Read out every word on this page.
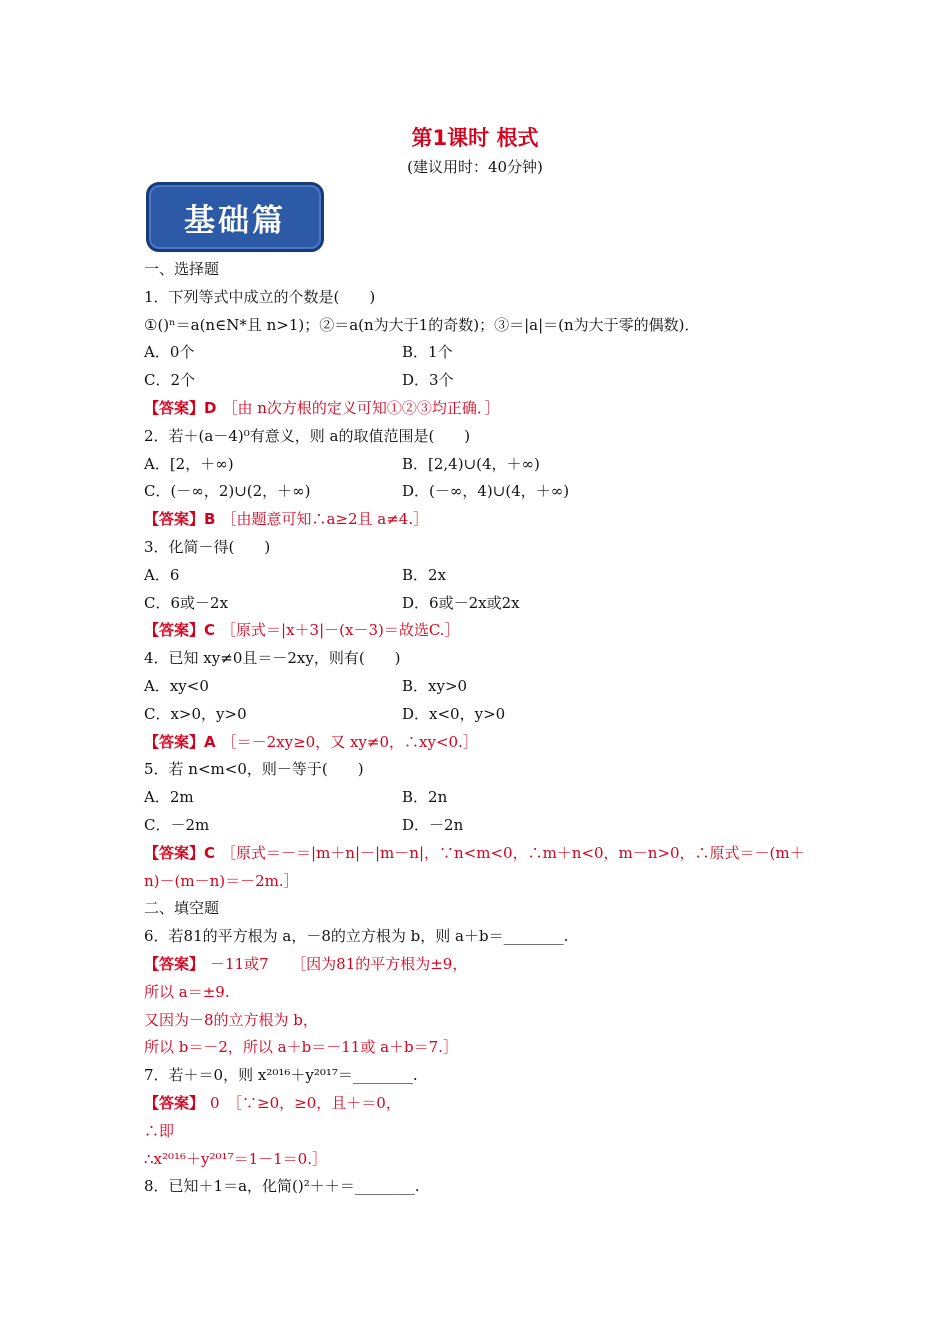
第1课时 根式
(建议用时：40分钟)
基础篇
一、选择题
1．下列等式中成立的个数是(　　)
①()ⁿ＝a(n∈N*且 n>1)；②＝a(n为大于1的奇数)；③＝|a|＝(n为大于零的偶数)．
A．0个	B．1个
C．2个	D．3个
【答案】D ［由 n次方根的定义可知①②③均正确．］
2．若＋(a－4)⁰有意义，则 a的取值范围是(　　)
A．[2，＋∞)	B．[2,4)∪(4，＋∞)
C．(－∞，2)∪(2，＋∞)	D．(－∞，4)∪(4，＋∞)
【答案】B ［由题意可知∴a≥2且 a≠4.］
3．化简－得(　　)
A．6	B．2x
C．6或－2x	D．6或－2x或2x
【答案】C ［原式＝|x＋3|－(x－3)＝故选C.］
4．已知 xy≠0且＝－2xy，则有(　　)
A．xy<0	B．xy>0
C．x>0，y>0	D．x<0，y>0
【答案】A ［＝－2xy≥0，又 xy≠0，∴xy<0.］
5．若 n<m<0，则－等于(　　)
A．2m	B．2n
C．－2m	D．－2n
【答案】C ［原式＝－＝|m＋n|－|m－n|，∵n<m<0，∴m＋n<0，m－n>0，∴原式＝－(m＋
n)－(m－n)＝－2m.］
二、填空题
6．若81的平方根为 a，－8的立方根为 b，则 a＋b＝________.
【答案】 －11或7　　［因为81的平方根为±9，
所以 a＝±9.
又因为－8的立方根为 b，
所以 b＝－2，所以 a＋b＝－11或 a＋b＝7.］
7．若＋＝0，则 x²⁰¹⁶＋y²⁰¹⁷＝________.
【答案】 0　［∵≥0，≥0，且＋＝0，
∴即
∴x²⁰¹⁶＋y²⁰¹⁷＝1－1＝0.］
8．已知＋1＝a，化简()²＋＋＝________.
